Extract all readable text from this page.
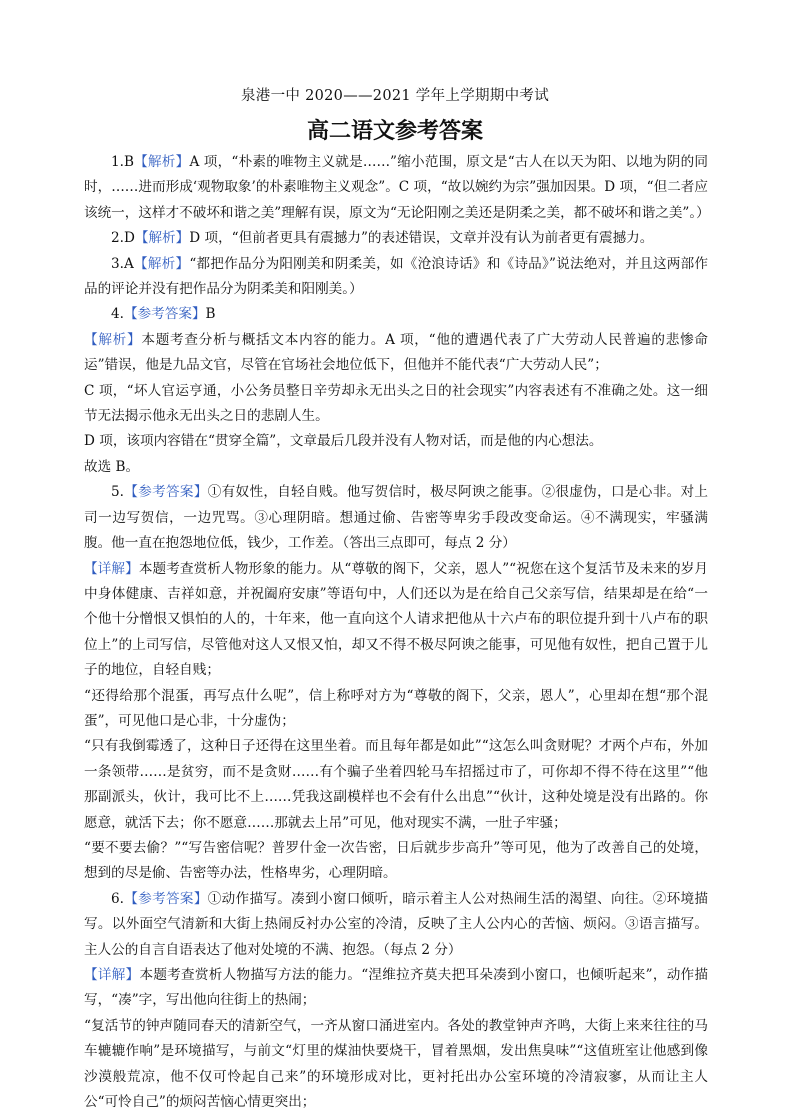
泉港一中 2020——2021 学年上学期期中考试
高二语文参考答案

1.B【解析】A 项，“朴素的唯物主义就是……”缩小范围，原文是“古人在以天为阳、以地为阴的同时，……进而形成‘观物取象’的朴素唯物主义观念”。C 项，“故以婉约为宗”强加因果。D 项，“但二者应该统一，这样才不破坏和谐之美”理解有误，原文为“无论阳刚之美还是阴柔之美，都不破坏和谐之美”。）

2.D【解析】D 项，“但前者更具有震撼力”的表述错误，文章并没有认为前者更有震撼力。

3.A【解析】“都把作品分为阳刚美和阴柔美，如《沧浪诗话》和《诗品》”说法绝对，并且这两部作品的评论并没有把作品分为阴柔美和阳刚美。）

4.【参考答案】B

【解析】本题考查分析与概括文本内容的能力。A 项，“他的遭遇代表了广大劳动人民普遍的悲惨命运”错误，他是九品文官，尽管在官场社会地位低下，但他并不能代表“广大劳动人民”；

C 项，“坏人官运亨通，小公务员整日辛劳却永无出头之日的社会现实”内容表述有不准确之处。这一细节无法揭示他永无出头之日的悲剧人生。

D 项，该项内容错在“贯穿全篇”，文章最后几段并没有人物对话，而是他的内心想法。

故选 B。

5.【参考答案】①有奴性，自轻自贱。他写贺信时，极尽阿谀之能事。②很虚伪，口是心非。对上司一边写贺信，一边咒骂。③心理阴暗。想通过偷、告密等卑劣手段改变命运。④不满现实，牢骚满腹。他一直在抱怨地位低，钱少，工作差。（答出三点即可，每点 2 分）

【详解】本题考查赏析人物形象的能力。从“尊敬的阁下，父亲，恩人”“祝您在这个复活节及未来的岁月中身体健康、吉祥如意，并祝阖府安康”等语句中，人们还以为是在给自己父亲写信，结果却是在给“一个他十分憎恨又惧怕的人的，十年来，他一直向这个人请求把他从十六卢布的职位提升到十八卢布的职位上”的上司写信，尽管他对这人又恨又怕，却又不得不极尽阿谀之能事，可见他有奴性，把自己置于儿子的地位，自轻自贱；

“还得给那个混蛋，再写点什么呢”，信上称呼对方为“尊敬的阁下，父亲，恩人”，心里却在想“那个混蛋”，可见他口是心非，十分虚伪；

“只有我倒霉透了，这种日子还得在这里坐着。而且每年都是如此”“这怎么叫贪财呢？才两个卢布，外加一条领带……是贫穷，而不是贪财……有个骗子坐着四轮马车招摇过市了，可你却不得不待在这里”“他那副派头，伙计，我可比不上……凭我这副模样也不会有什么出息”“伙计，这种处境是没有出路的。你愿意，就活下去；你不愿意……那就去上吊”可见，他对现实不满，一肚子牢骚；

“要不要去偷？”“写告密信呢？普罗什金一次告密，日后就步步高升”等可见，他为了改善自己的处境，想到的尽是偷、告密等办法，性格卑劣，心理阴暗。

6.【参考答案】①动作描写。凑到小窗口倾听，暗示着主人公对热闹生活的渴望、向往。②环境描写。以外面空气清新和大街上热闹反衬办公室的冷清，反映了主人公内心的苦恼、烦闷。③语言描写。主人公的自言自语表达了他对处境的不满、抱怨。（每点 2 分）

【详解】本题考查赏析人物描写方法的能力。“涅维拉齐莫夫把耳朵凑到小窗口，也倾听起来”，动作描写，“凑”字，写出他向往街上的热闹；

“复活节的钟声随同春天的清新空气，一齐从窗口涌进室内。各处的教堂钟声齐鸣，大街上来来往往的马车辘辘作响”是环境描写，与前文“灯里的煤油快要烧干，冒着黑烟，发出焦臭味”“这值班室让他感到像沙漠般荒凉，他不仅可怜起自己来”的环境形成对比，更衬托出办公室环境的冷清寂寥，从而让主人公“可怜自己”的烦闷苦恼心情更突出；
